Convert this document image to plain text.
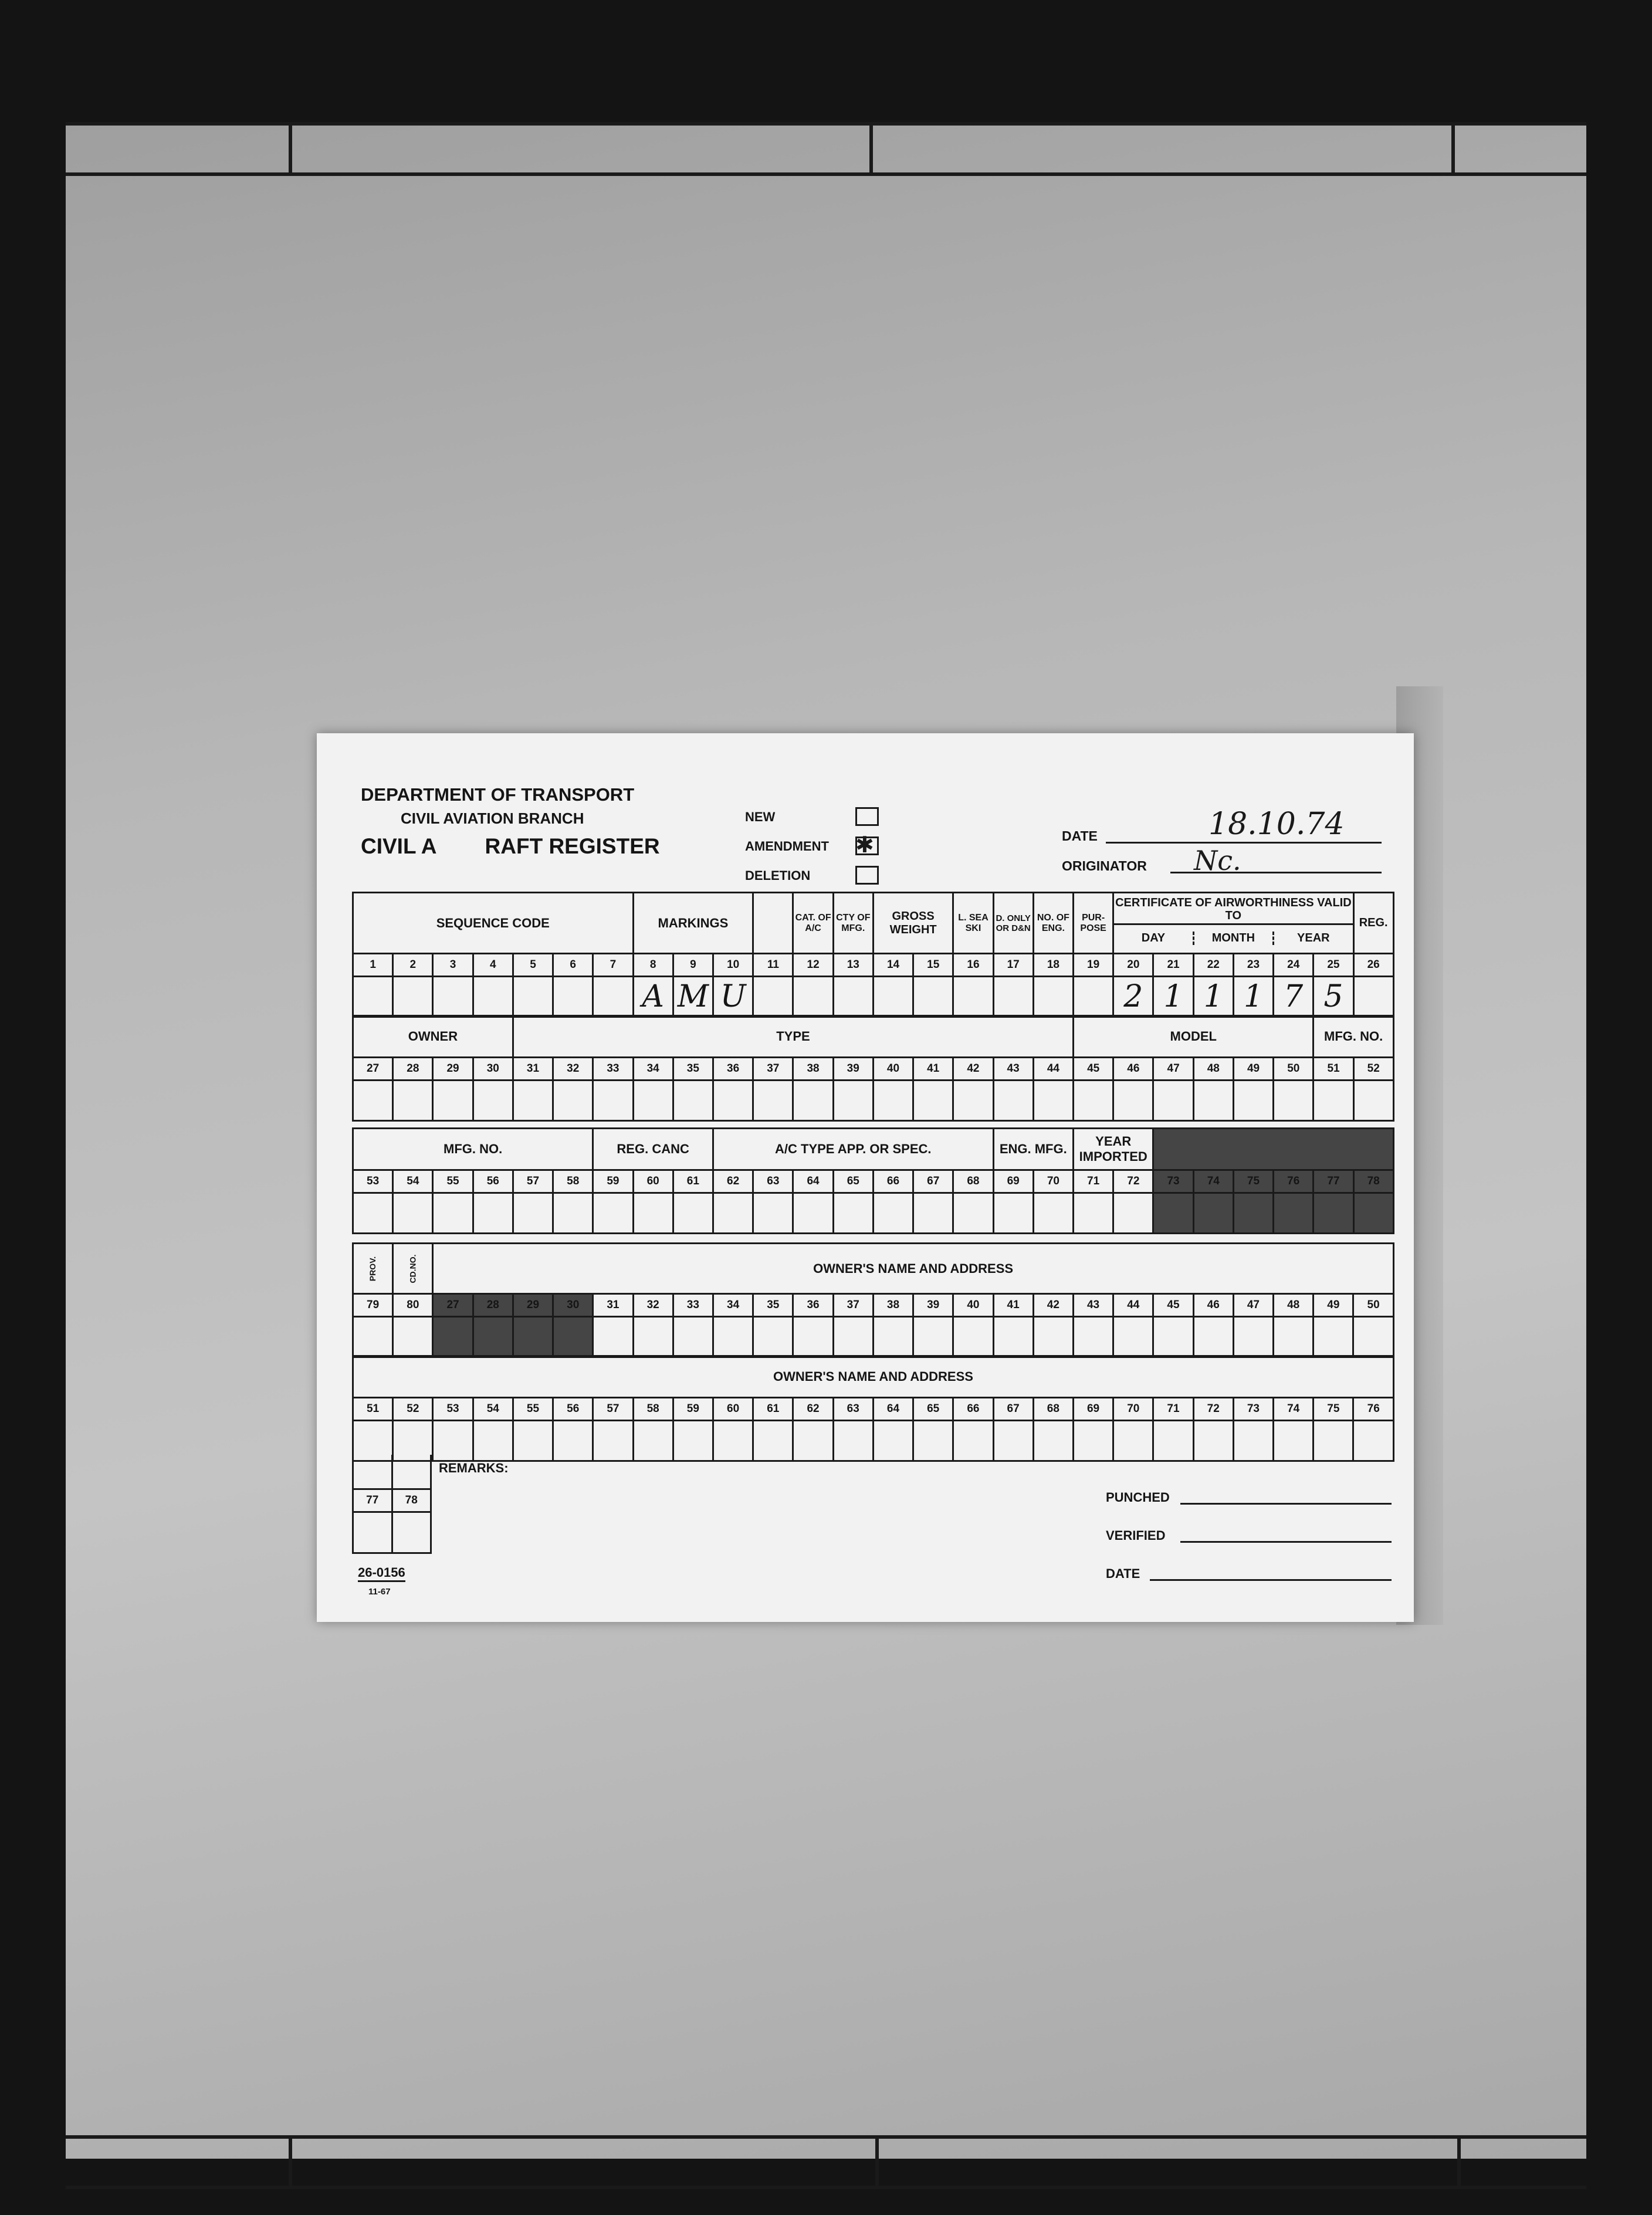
DEPARTMENT OF TRANSPORT
CIVIL AVIATION BRANCH
CIVIL A RAFT REGISTER
NEW
AMENDMENT ✱
DELETION
DATE	18.10.74
ORIGINATOR Nc.
SEQUENCE CODE							MARKINGS				CAT. OF A/C	CTY OF MFG.	GROSS WEIGHT		L. SEA SKI	D. ONLY OR D&N	NO. OF ENG.	PUR-POSE	CERTIFICATE OF AIRWORTHINESS VALID TO
DAY MONTH YEAR						REG.
1	2	3	4	5	6	7	8	9	10	11	12	13	14	15	16	17	18	19	20	21	22	23	24	25	26
							A	M	U										2	1	1	1	7	5	
OWNER				TYPE														MODEL						MFG. NO.	
27	28	29	30	31	32	33	34	35	36	37	38	39	40	41	42	43	44	45	46	47	48	49	50	51	52

MFG. NO.						REG. CANC			A/C TYPE APP. OR SPEC.							ENG. MFG.		YEAR IMPORTED							
53	54	55	56	57	58	59	60	61	62	63	64	65	66	67	68	69	70	71	72	73	74	75	76	77	78

PROV.	CD.NO.	OWNER'S NAME AND ADDRESS																							
79	80	27	28	29	30	31	32	33	34	35	36	37	38	39	40	41	42	43	44	45	46	47	48	49	50

OWNER'S NAME AND ADDRESS																									
51	52	53	54	55	56	57	58	59	60	61	62	63	64	65	66	67	68	69	70	71	72	73	74	75	76

77	78

REMARKS:
PUNCHED
VERIFIED
DATE
26-0156
11-67
